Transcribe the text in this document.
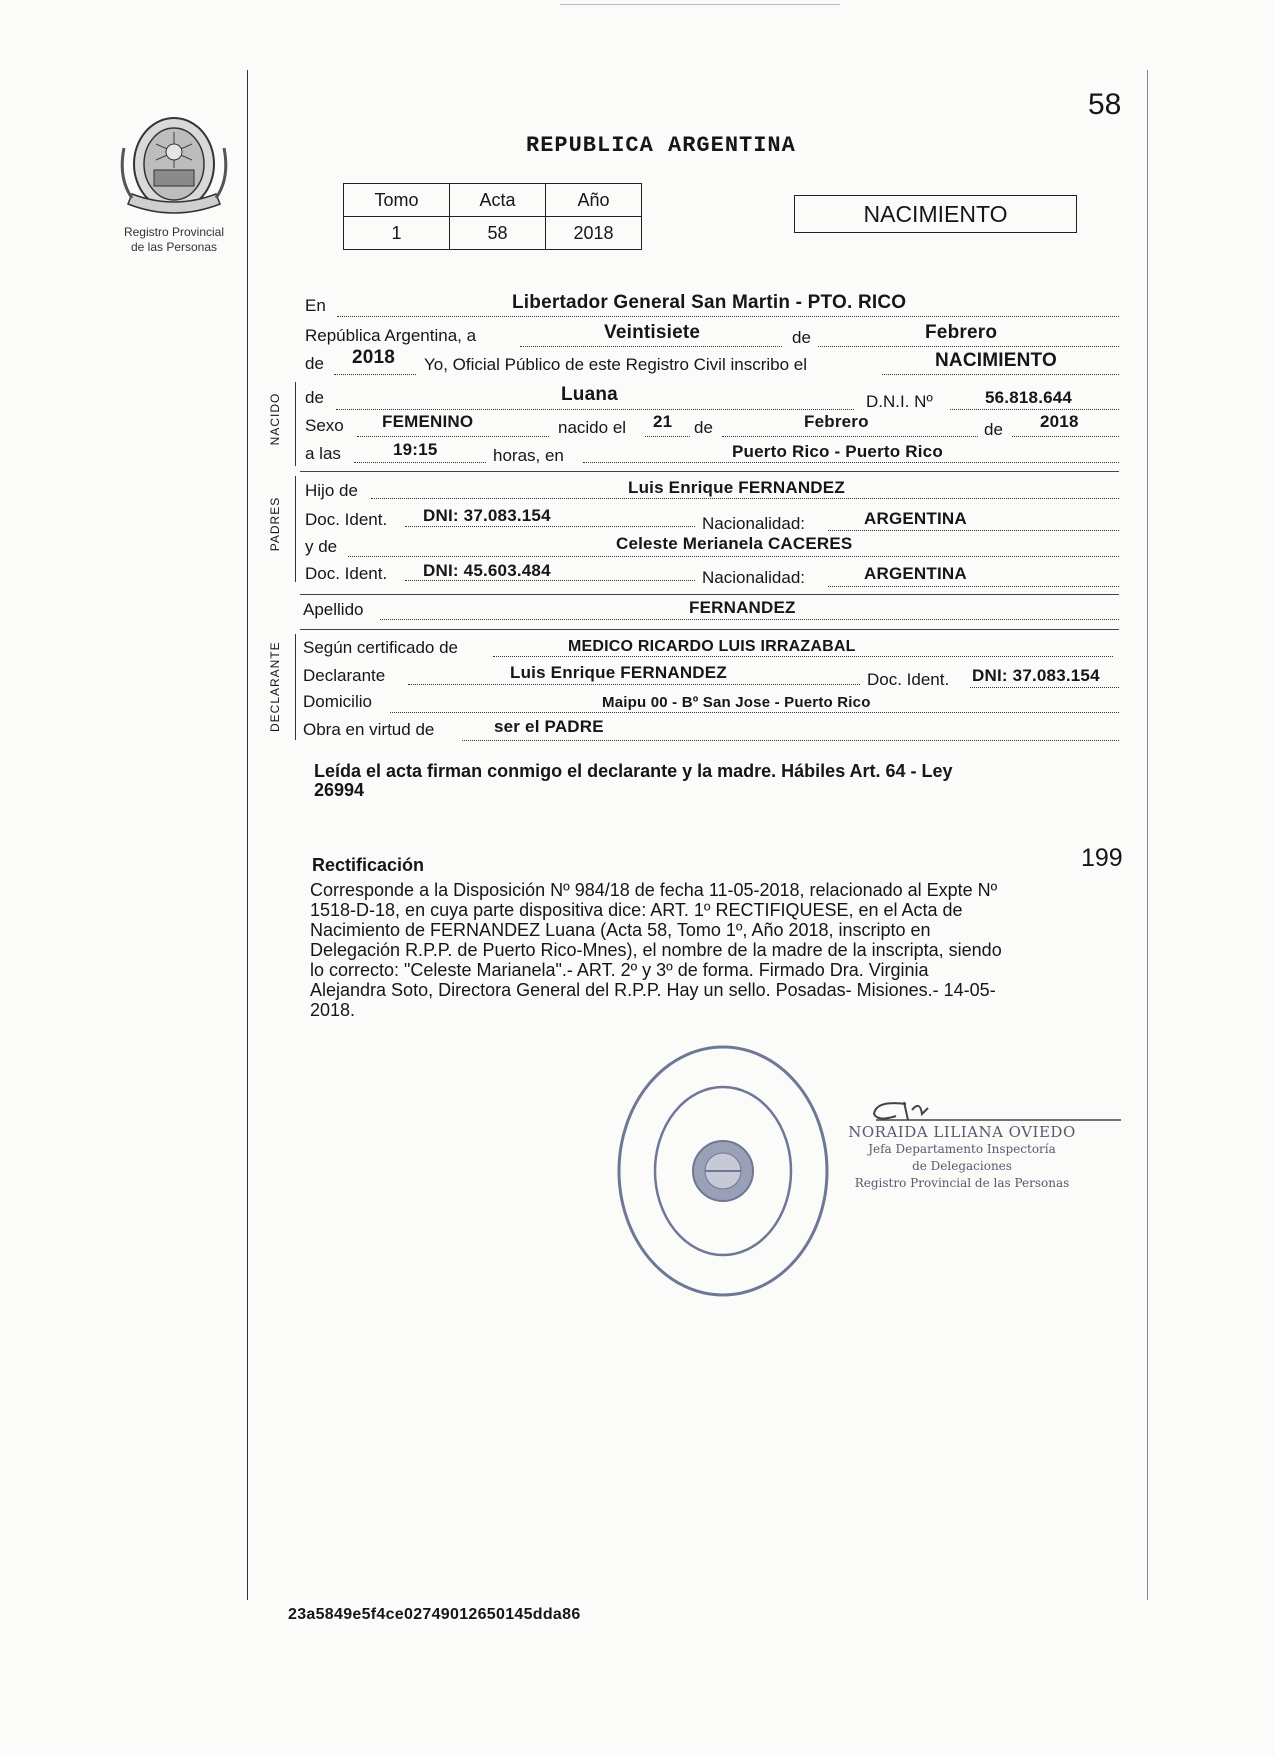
Registro Provincial
de las Personas
58
REPUBLICA ARGENTINA
Tomo	Acta	Año
1	58	2018
NACIMIENTO
En	Libertador General San Martin - PTO. RICO
República Argentina, a	Veintisiete	de	Febrero
de 2018 Yo, Oficial Público de este Registro Civil inscribo el	NACIMIENTO
NACIDO de	Luana	D.N.I. Nº	56.818.644
Sexo FEMENINO	nacido el 21 de	Febrero	de 2018
a las	19:15	horas, en	Puerto Rico - Puerto Rico
PADRES
Hijo de	Luis Enrique FERNANDEZ
Doc. Ident. DNI: 37.083.154	Nacionalidad:	ARGENTINA
y de	Celeste Merianela CACERES
Doc. Ident. DNI: 45.603.484	Nacionalidad:	ARGENTINA
Apellido	FERNANDEZ
DECLARANTE Según certificado de	MEDICO RICARDO LUIS IRRAZABAL
Declarante	Luis Enrique FERNANDEZ	Doc. Ident. DNI: 37.083.154
Domicilio	Maipu 00 - Bº San Jose - Puerto Rico
Obra en virtud de	ser el PADRE
Leída el acta firman conmigo el declarante y la madre. Hábiles Art. 64 - Ley
26994
Rectificación	199
Corresponde a la Disposición Nº 984/18 de fecha 11-05-2018, relacionado al Expte Nº
1518-D-18, en cuya parte dispositiva dice: ART. 1º RECTIFIQUESE, en el Acta de
Nacimiento de FERNANDEZ Luana (Acta 58, Tomo 1º, Año 2018, inscripto en
Delegación R.P.P. de Puerto Rico-Mnes), el nombre de la madre de la inscripta, siendo
lo correcto: "Celeste Marianela".- ART. 2º y 3º de forma. Firmado Dra. Virginia
Alejandra Soto, Directora General del R.P.P. Hay un sello. Posadas- Misiones.- 14-05-
2018.
NORAIDA LILIANA OVIEDO
Jefa Departamento Inspectoría
de Delegaciones
Registro Provincial de las Personas
23a5849e5f4ce02749012650145dda86
